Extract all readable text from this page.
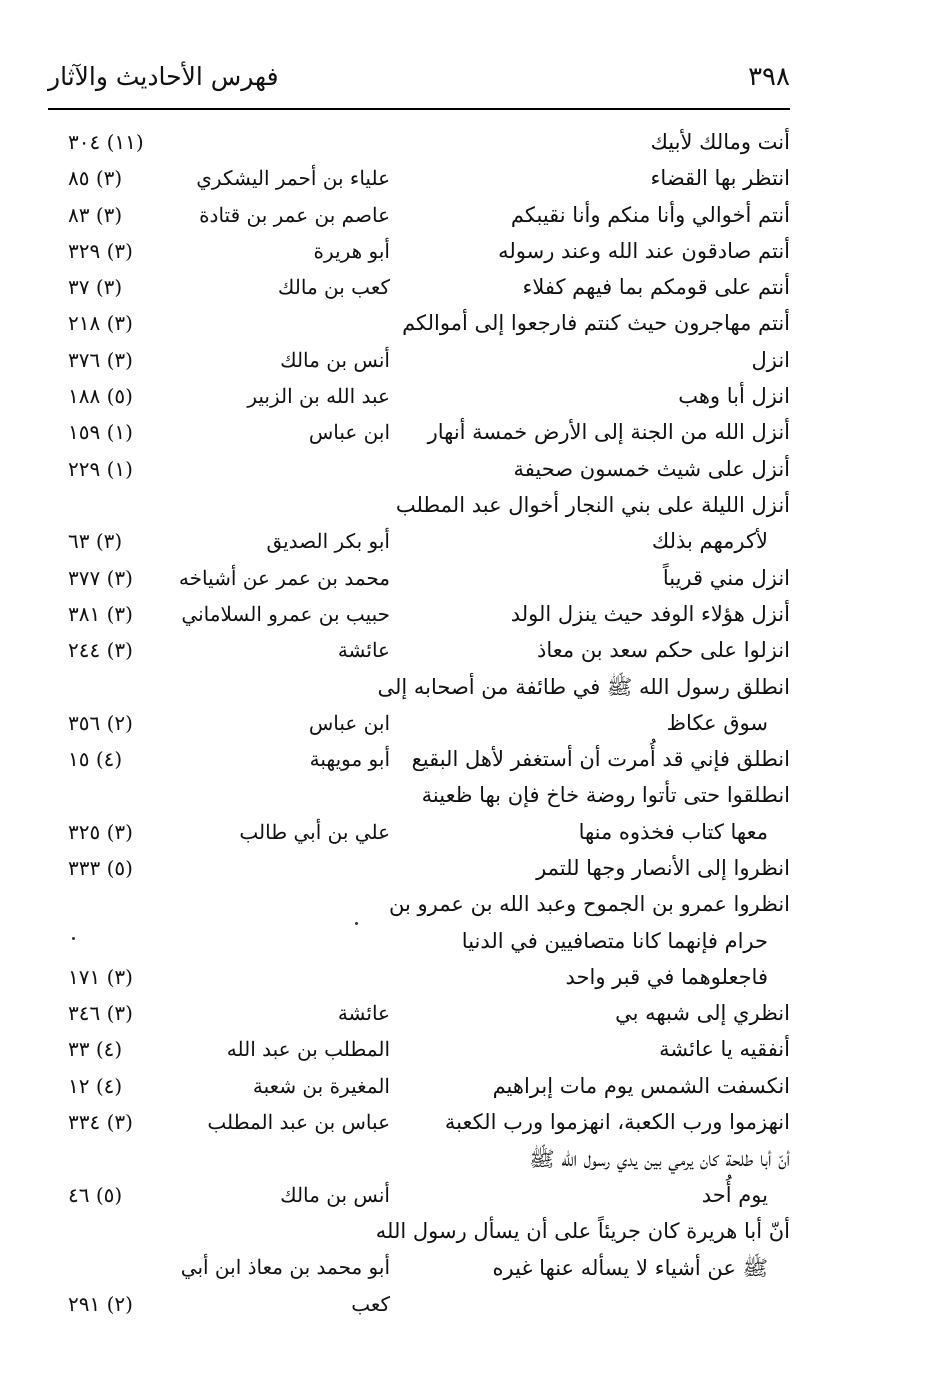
٣٩٨
فهرس الأحاديث والآثار
أنت ومالك لأبيك
(١١) ٣٠٤
انتظر بها القضاء
علياء بن أحمر اليشكري
(٣) ٨٥
أنتم أخوالي وأنا منكم وأنا نقيبكم
عاصم بن عمر بن قتادة
(٣) ٨٣
أنتم صادقون عند الله وعند رسوله
أبو هريرة
(٣) ٣٢٩
أنتم على قومكم بما فيهم كفلاء
كعب بن مالك
(٣) ٣٧
أنتم مهاجرون حيث كنتم فارجعوا إلى أموالكم
(٣) ٢١٨
انزل
أنس بن مالك
(٣) ٣٧٦
انزل أبا وهب
عبد الله بن الزبير
(٥) ١٨٨
أنزل الله من الجنة إلى الأرض خمسة أنهار
ابن عباس
(١) ١٥٩
أنزل على شيث خمسون صحيفة
(١) ٢٢٩
أنزل الليلة على بني النجار أخوال عبد المطلب
لأكرمهم بذلك
أبو بكر الصديق
(٣) ٦٣
انزل مني قريباً
محمد بن عمر عن أشياخه
(٣) ٣٧٧
أنزل هؤلاء الوفد حيث ينزل الولد
حبيب بن عمرو السلاماني
(٣) ٣٨١
انزلوا على حكم سعد بن معاذ
عائشة
(٣) ٢٤٤
انطلق رسول الله ﷺ في طائفة من أصحابه إلى
سوق عكاظ
ابن عباس
(٢) ٣٥٦
انطلق فإني قد أُمرت أن أستغفر لأهل البقيع
أبو مويهبة
(٤) ١٥
انطلقوا حتى تأتوا روضة خاخ فإن بها ظعينة
معها كتاب فخذوه منها
علي بن أبي طالب
(٣) ٣٢٥
انظروا إلى الأنصار وجها للتمر
(٥) ٣٣٣
انظروا عمرو بن الجموح وعبد الله بن عمرو بن
حرام فإنهما كانا متصافيين في الدنيا
فاجعلوهما في قبر واحد
(٣) ١٧١
انظري إلى شبهه بي
عائشة
(٣) ٣٤٦
أنفقيه يا عائشة
المطلب بن عبد الله
(٤) ٣٣
انكسفت الشمس يوم مات إبراهيم
المغيرة بن شعبة
(٤) ١٢
انهزموا ورب الكعبة، انهزموا ورب الكعبة
عباس بن عبد المطلب
(٣) ٣٣٤
أنّ أبا طلحة كان يرمي بين يدي رسول الله ﷺ
يوم أُحد
أنس بن مالك
(٥) ٤٦
أنّ أبا هريرة كان جريئاً على أن يسأل رسول الله
ﷺ عن أشياء لا يسأله عنها غيره
أبو محمد بن معاذ ابن أبي
كعب
(٢) ٢٩١
